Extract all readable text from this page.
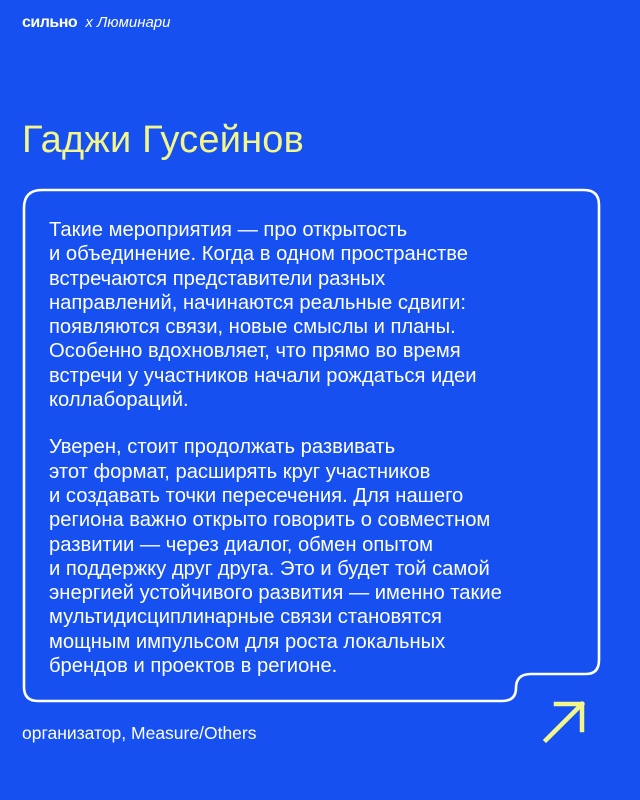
сильно x Люминари
Гаджи Гусейнов

Такие мероприятия — про открытость
и объединение. Когда в одном пространстве
встречаются представители разных
направлений, начинаются реальные сдвиги:
появляются связи, новые смыслы и планы.
Особенно вдохновляет, что прямо во время
встречи у участников начали рождаться идеи
коллабораций.

Уверен, стоит продолжать развивать
этот формат, расширять круг участников
и создавать точки пересечения. Для нашего
региона важно открыто говорить о совместном
развитии — через диалог, обмен опытом
и поддержку друг друга. Это и будет той самой
энергией устойчивого развития — именно такие
мультидисциплинарные связи становятся
мощным импульсом для роста локальных
брендов и проектов в регионе.

организатор, Measure/Others
